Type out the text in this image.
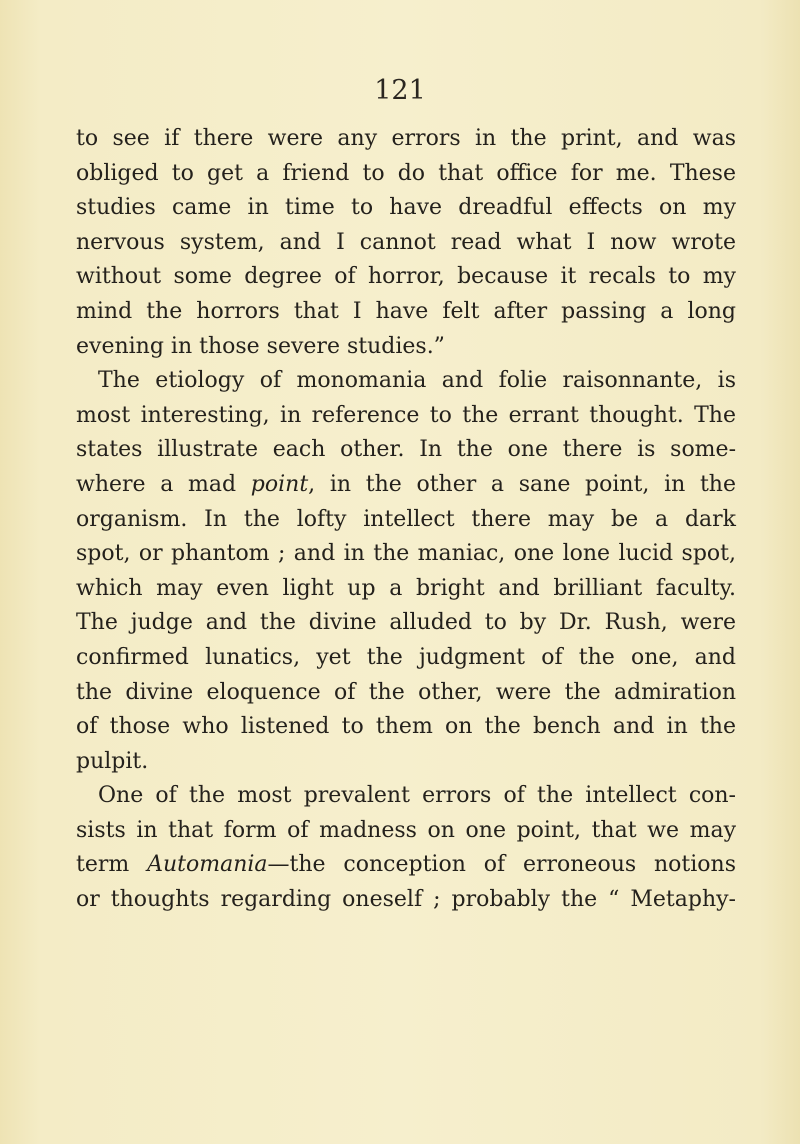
121
to see if there were any errors in the print, and was
obliged to get a friend to do that office for me. These
studies came in time to have dreadful effects on my
nervous system, and I cannot read what I now wrote
without some degree of horror, because it recals to my
mind the horrors that I have felt after passing a long
evening in those severe studies.”
The etiology of monomania and folie raisonnante, is
most interesting, in reference to the errant thought. The
states illustrate each other. In the one there is some-
where a mad point, in the other a sane point, in the
organism. In the lofty intellect there may be a dark
spot, or phantom ; and in the maniac, one lone lucid spot,
which may even light up a bright and brilliant faculty.
The judge and the divine alluded to by Dr. Rush, were
confirmed lunatics, yet the judgment of the one, and
the divine eloquence of the other, were the admiration
of those who listened to them on the bench and in the
pulpit.
One of the most prevalent errors of the intellect con-
sists in that form of madness on one point, that we may
term Automania—the conception of erroneous notions
or thoughts regarding oneself ; probably the “ Metaphy-
